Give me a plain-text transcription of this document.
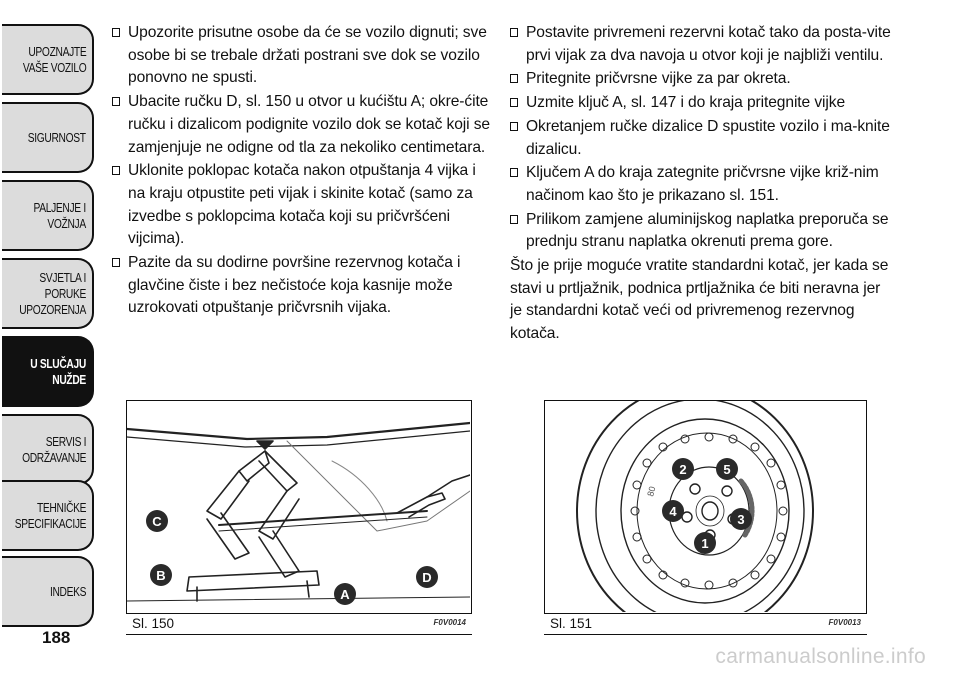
UPOZNAJTE
VAŠE VOZILO
SIGURNOST
PALJENJE I
VOŽNJA
SVJETLA I PORUKE
UPOZORENJA
U SLUČAJU
NUŽDE
SERVIS I
ODRŽAVANJE
TEHNIČKE
SPECIFIKACIJE
INDEKS
188

Upozorite prisutne osobe da će se vozilo dignuti; sve osobe bi se trebale držati postrani sve dok se vozilo ponovno ne spusti.

Ubacite ručku D, sl. 150 u otvor u kućištu A; okre-ćite ručku i dizalicom podignite vozilo dok se kotač koji se zamjenjuje ne odigne od tla za nekoliko centimetara.

Uklonite poklopac kotača nakon otpuštanja 4 vijka i na kraju otpustite peti vijak i skinite kotač (samo za izvedbe s poklopcima kotača koji su pričvršćeni vijcima).

Pazite da su dodirne površine rezervnog kotača i glavčine čiste i bez nečistoće koja kasnije može uzrokovati otpuštanje pričvrsnih vijaka.

Postavite privremeni rezervni kotač tako da posta-vite prvi vijak za dva navoja u otvor koji je najbliži ventilu.

Pritegnite pričvrsne vijke za par okreta.

Uzmite ključ A, sl. 147 i do kraja pritegnite vijke

Okretanjem ručke dizalice D spustite vozilo i ma-knite dizalicu.

Ključem A do kraja zategnite pričvrsne vijke križ-nim načinom kao što je prikazano sl. 151.

Prilikom zamjene aluminijskog naplatka preporuča se prednju stranu naplatka okrenuti prema gore.

Što je prije moguće vratite standardni kotač, jer kada se stavi u prtljažnik, podnica prtljažnika će biti neravna jer je standardni kotač veći od privremenog rezervnog kotača.

C
B
A
D
Sl. 150	F0V0014
80
2	5
4
3
1
Sl. 151	F0V0013
carmanualsonline.info
